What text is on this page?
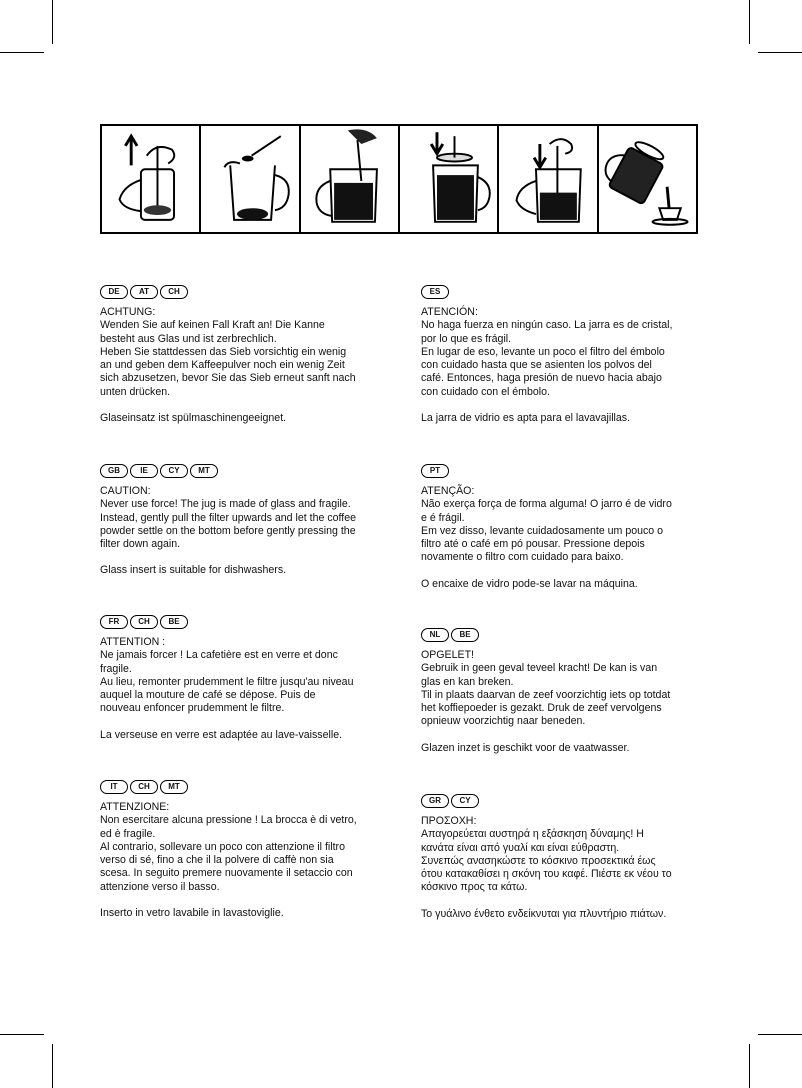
DE	AT	CH

ACHTUNG:

Wenden Sie auf keinen Fall Kraft an! Die Kanne

besteht aus Glas und ist zerbrechlich.

Heben Sie stattdessen das Sieb vorsichtig ein wenig

an und geben dem Kaffeepulver noch ein wenig Zeit

sich abzusetzen, bevor Sie das Sieb erneut sanft nach

unten drücken.

Glaseinsatz ist spülmaschinengeeignet.

GB	IE	CY	MT

CAUTION:

Never use force! The jug is made of glass and fragile.

Instead, gently pull the filter upwards and let the coffee

powder settle on the bottom before gently pressing the

filter down again.

Glass insert is suitable for dishwashers.

FR	CH	BE

ATTENTION :

Ne jamais forcer ! La cafetière est en verre et donc

fragile.

Au lieu, remonter prudemment le filtre jusqu'au niveau

auquel la mouture de café se dépose. Puis de

nouveau enfoncer prudemment le filtre.

La verseuse en verre est adaptée au lave-vaisselle.

IT	CH	MT

ATTENZIONE:

Non esercitare alcuna pressione ! La brocca è di vetro,

ed è fragile.

Al contrario, sollevare un poco con attenzione il filtro

verso di sé, fino a che il la polvere di caffè non sia

scesa. In seguito premere nuovamente il setaccio con

attenzione verso il basso.

Inserto in vetro lavabile in lavastoviglie.

ES

ATENCIÓN:

No haga fuerza en ningún caso. La jarra es de cristal,

por lo que es frágil.

En lugar de eso, levante un poco el filtro del émbolo

con cuidado hasta que se asienten los polvos del

café. Entonces, haga presión de nuevo hacia abajo

con cuidado con el émbolo.

La jarra de vidrio es apta para el lavavajillas.

PT

ATENÇÃO:

Não exerça força de forma alguma! O jarro é de vidro

e é frágil.

Em vez disso, levante cuidadosamente um pouco o

filtro até o café em pó pousar. Pressione depois

novamente o filtro com cuidado para baixo.

O encaixe de vidro pode-se lavar na máquina.

NL	BE

OPGELET!

Gebruik in geen geval teveel kracht! De kan is van

glas en kan breken.

Til in plaats daarvan de zeef voorzichtig iets op totdat

het koffiepoeder is gezakt. Druk de zeef vervolgens

opnieuw voorzichtig naar beneden.

Glazen inzet is geschikt voor de vaatwasser.

GR	CY

ΠΡΟΣΟΧΗ:

Απαγορεύεται αυστηρά η εξάσκηση δύναμης! Η

κανάτα είναι από γυαλί και είναι εύθραστη.

Συνεπώς ανασηκώστε το κόσκινο προσεκτικά έως

ότου κατακαθίσει η σκόνη του καφέ. Πιέστε εκ νέου το

κόσκινο προς τα κάτω.

Το γυάλινο ένθετο ενδείκνυται για πλυντήριο πιάτων.
